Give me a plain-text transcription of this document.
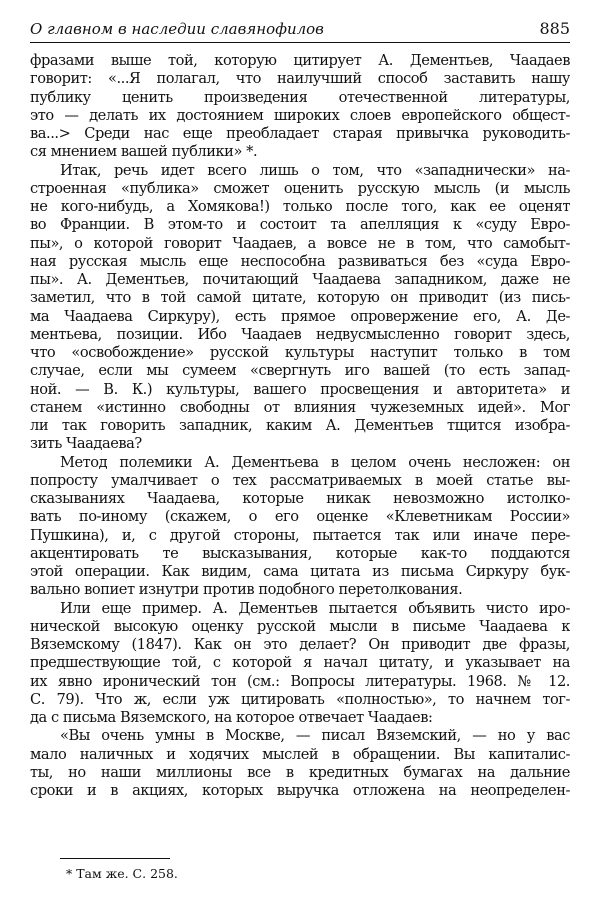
О главном в наследии славянофилов	885
фразами выше той, которую цитирует А. Дементьев, Чаадаев
говорит: «...Я полагал, что наилучший способ заставить нашу
публику ценить произведения отечественной литературы,
это — делать их достоянием широких слоев европейского общест-
ва...> Среди нас еще преобладает старая привычка руководить-
ся мнением вашей публики» *.
Итак, речь идет всего лишь о том, что «западнически» на-
строенная «публика» сможет оценить русскую мысль (и мысль
не кого-нибудь, а Хомякова!) только после того, как ее оценят
во Франции. В этом-то и состоит та апелляция к «суду Евро-
пы», о которой говорит Чаадаев, а вовсе не в том, что самобыт-
ная русская мысль еще неспособна развиваться без «суда Евро-
пы». А. Дементьев, почитающий Чаадаева западником, даже не
заметил, что в той самой цитате, которую он приводит (из пись-
ма Чаадаева Сиркуру), есть прямое опровержение его, А. Де-
ментьева, позиции. Ибо Чаадаев недвусмысленно говорит здесь,
что «освобождение» русской культуры наступит только в том
случае, если мы сумеем «свергнуть иго вашей (то есть запад-
ной. — В. К.) культуры, вашего просвещения и авторитета» и
станем «истинно свободны от влияния чужеземных идей». Мог
ли так говорить западник, каким А. Дементьев тщится изобра-
зить Чаадаева?
Метод полемики А. Дементьева в целом очень несложен: он
попросту умалчивает о тех рассматриваемых в моей статье вы-
сказываниях Чаадаева, которые никак невозможно истолко-
вать по-иному (скажем, о его оценке «Клеветникам России»
Пушкина), и, с другой стороны, пытается так или иначе пере-
акцентировать те высказывания, которые как-то поддаются
этой операции. Как видим, сама цитата из письма Сиркуру бук-
вально вопиет изнутри против подобного перетолкования.
Или еще пример. А. Дементьев пытается объявить чисто иро-
нической высокую оценку русской мысли в письме Чаадаева к
Вяземскому (1847). Как он это делает? Он приводит две фразы,
предшествующие той, с которой я начал цитату, и указывает на
их явно иронический тон (см.: Вопросы литературы. 1968. № 12.
С. 79). Что ж, если уж цитировать «полностью», то начнем тог-
да с письма Вяземского, на которое отвечает Чаадаев:
«Вы очень умны в Москве, — писал Вяземский, — но у вас
мало наличных и ходячих мыслей в обращении. Вы капиталис-
ты, но наши миллионы все в кредитных бумагах на дальние
сроки и в акциях, которых выручка отложена на неопределен-
* Там же. С. 258.
